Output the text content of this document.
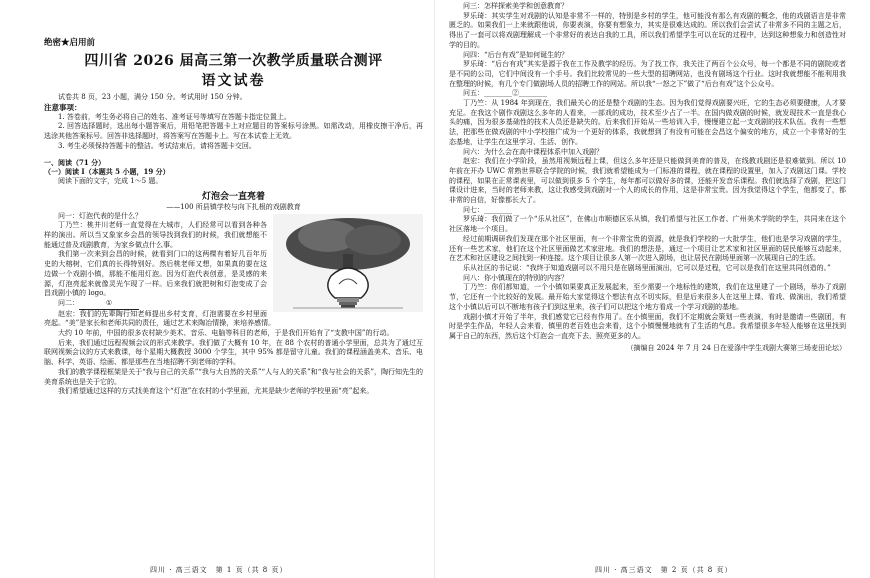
绝密★启用前
四川省 2026 届高三第一次教学质量联合测评
语文试卷

试卷共 8 页，23 小题，满分 150 分。考试用时 150 分钟。

注意事项：

1. 答卷前，考生务必将自己的姓名、准考证号等填写在答题卡指定位置上。

2. 回答选择题时，选出每小题答案后，用铅笔把答题卡上对应题目的答案标号涂黑。如需改动，用橡皮擦干净后，再选涂其他答案标号。回答非选择题时，将答案写在答题卡上。写在本试卷上无效。

3. 考生必须保持答题卡的整洁。考试结束后，请将答题卡交回。

一、阅读（71 分）

（一）阅读 I（本题共 5 小题，19 分）

阅读下面的文字，完成 1～5 题。

灯泡会一直亮着
——100 所县镇学校与向下扎根的戏剧教育

问一：灯泡代表的是什么？

丁乃竺：桃井川老师一直觉得在大城市，人们经常可以看到各种各样的演出。所以当又象家乡会昌的领导找到我们的时候，我们就想能不能通过普及戏剧教育，为家乡做点什么事。

我们第一次来到会昌的时候，就看到门口的这两棵有着好几百年历史的大榕树，它们真的长得特别好。然后桃老师又想，如果真的要在这边做一个戏剧小镇，那能不能用灯泡。因为灯泡代表创意，是灵感的来源，灯泡亮起来就像灵光乍现了一样。后来我们就把树和灯泡变成了会昌戏剧小镇的 logo。

问二：	①

赵宏：我们的先辈陶行知老师提出乡村支育，灯泡需要在乡村里面亮起。“美”是家长和老师共同的责任，通过艺术来陶冶情操，来培养感情。

大约 10 年前，中国的很多农村缺少美术、音乐、电脑等科目的老师，于是我们开始有了“支教中国”的行动。

后来，我们通过远程视频会议的形式来教学。我们做了大概有 10 年，在 88 个农村的普通小学里面，总共为了通过互联网视频会议的方式来教课，每个星期大概教授 3000 个学生，其中 95% 都是留守儿童。我们的课程涵盖美术、音乐、电脑、科学、英语、绘画、都是那些在当地招聘不到老师的学科。

我们的教学课程框架是关于“我与自己的关系”“我与大自然的关系”“人与人的关系”和“我与社会的关系”，陶行知先生的美育系统也是关于它的。

我们希望通过这样的方式找美育这个“灯泡”在农村的小学里面，尤其是缺少老师的学校里面“亮”起来。

四川 · 高三语文　第 1 页（共 8 页）

问三：怎样探索美学和创意教育？

罗乐琦：其实学生对戏剧的认知是非常不一样的，特别是乡村的学生，他可能没有那么有戏剧的概念，他的戏剧语言是非常匮乏的。如果我们一上来就跟他说，你要表演，你要有想象力，其实是很难达成的。所以我们会尝试了非常多不同的主题之后，得出了一套可以将戏剧理解成一个非常好的表达自我的工具，所以我们希望学生可以在玩的过程中，达到这种想象力和创造性对学的目的。

问四：“后台有戏”是如何诞生的？

罗乐琦：“后台有戏”其实是源于我在工作及教学的经历。为了找工作，我关注了两百个公众号，每一个都是不同的剧院或者是不同的公司，它们中间没有一个手号。我们比较常见的一些大型的招聘网站，也没有剧场这个行业。这时我就想能不能利用我在整理的时候，有几个专门做剧场人员的招聘工作的网站。所以我“一怒之下”做了“后台有戏”这个公众号。

问五：________②________

丁乃竺：从 1984 年到现在，我们最关心的还是整个戏剧的生态。因为我们觉得戏剧要兴旺，它的生态必须要健康，人才要充足。在我这个剧作戏剧这么多年的人看来，一部戏的成功，技术至少占了一半。在国内做戏剧的时候，就发现技术一直是我心头的痛，因为很多基础性的技术人员还是缺失的。后来我们开始从一些培训入手，慢慢建立起一支戏剧的技术队伍。我有一些想法，把那些在做戏剧的中小学校推广成为一个更好的体系，我就想到了有没有可能在会昌这个偏安的地方，成立一个非常好的生态基地，让学生在这里学习、生活、创作。

问六：为什么会在高中课程体系中加入戏剧？

赵宏：我们在小学阶段，虽然用视频远程上课，但这么多年还是只能做到美育的普及，在线教戏剧还是很难做到。所以 10 年前在开办 UWC 常熟世界联合学院的时候，我们就希望能成为一门标准的课程，就在课程的设置里，加入了戏剧这门课。学校的课程，如果在正常课表里，可以做到很多 5 个学生，每年都可以做好多的课，还能开发音乐课程。我们就选择了戏剧，把这门课设计进来，当时的老师来教，这让我感受到戏剧对一个人的成长的作用，这是非常宝贵。因为我觉得这个学生，他都变了，都非常的自信，好像都长大了。

问七：________

罗乐琦：我们做了一个“乐从社区”，在佛山市顺德区乐从镇，我们希望与社区工作者、广州美术学院的学生，共同来在这个社区落地一个项目。

经过前期调研我们发现在那个社区里面，有一个非常宝贵的资源，就是我们学校的一大批学生，他们也是学习戏剧的学生，还有一些艺术家，他们在这个社区里面做艺术家驻地。我们的想法是，通过一个项目让艺术家和社区里面的居民能够互动起来，在艺术和社区建设之间找到一种连接。这个项目让很多人第一次进入剧场，也让居民在剧场里面第一次展现自己的生活。

乐从社区的书记说：“我终于知道戏剧可以不用只是在剧场里面演出，它可以是过程，它可以是我们在这里共同创造的。”

问八：你小镇现在的特别的内容？

丁乃竺：你们都知道，一个小镇如果要真正发展起来，至少需要一个地标性的建筑，我们在这里建了一个剧场，举办了戏剧节，它还有一个比较好的发展。最开始大家觉得这个想法有点不切实际，但是后来很多人在这里上课、看戏、做演出，我们希望这个小镇以后可以不断地有孩子们到这里来，孩子们可以把这个地方看成一个学习戏剧的基地。

戏剧小镇才开始了半年，我们感觉它已经有作用了。在小镇里面，我们不定期就会策划一些表演，有时是邀请一些剧团，有时是学生作品，年轻人会来看，镇里的老百姓也会来看，这个小镇慢慢地就有了生活的气息。我希望很多年轻人能够在这里找到属于自己的东西，然后这个灯泡会一直亮下去，照亮更多的人。

（摘编自 2024 年 7 月 24 日在爱涤中学生戏剧大赛第三场麦田论坛）
四川 · 高三语文　第 2 页（共 8 页）
